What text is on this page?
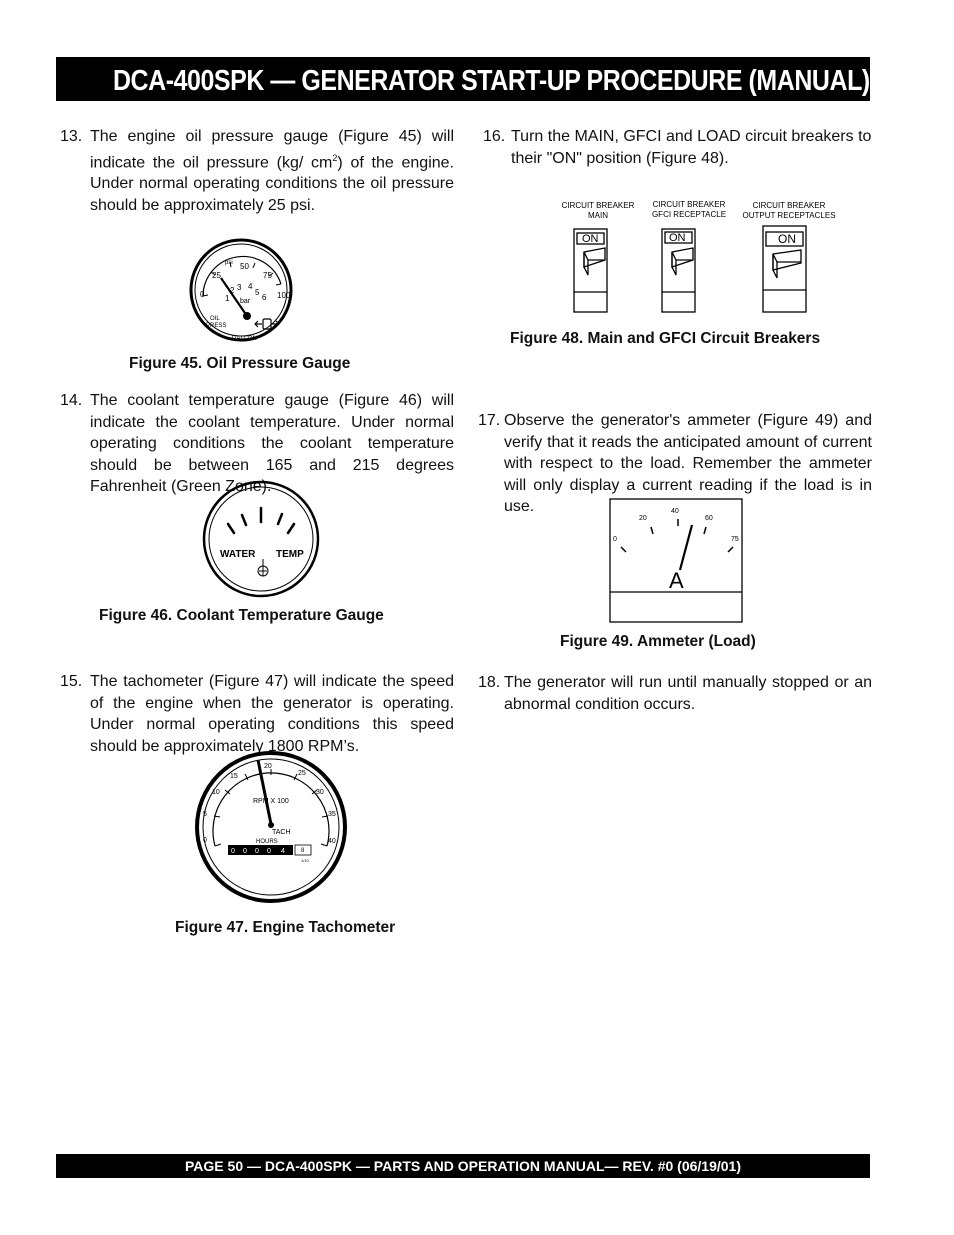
DCA-400SPK — GENERATOR START-UP PROCEDURE (MANUAL)
13. The engine oil pressure gauge (Figure 45) will indicate the oil pressure (kg/ $cm^2$) of the engine. Under normal operating conditions the oil pressure should be approximately 25 psi.
psi
0
25
50
75
100
1
2 3 4
5
6
bar
OIL
PRESS
DATCON
Figure 45. Oil Pressure Gauge
14. The coolant temperature gauge (Figure 46) will indicate the coolant temperature. Under normal operating conditions the coolant temperature should be between 165 and 215 degrees Fahrenheit (Green Zone).
WATER TEMP
Figure 46. Coolant Temperature Gauge
15. The tachometer (Figure 47) will indicate the speed of the engine when the generator is operating. Under normal operating conditions this speed should be approximately 1800 RPM’s.
0
5
10
15
20
25
30
35
40
RPM X 100
TACH
HOURS
0 0 0 0 4	8
1/10
Figure 47. Engine Tachometer
16. Turn the MAIN, GFCI and LOAD circuit breakers to their "ON" position (Figure 48).
CIRCUIT BREAKER
MAIN
CIRCUIT BREAKER
GFCI RECEPTACLE
CIRCUIT BREAKER
OUTPUT RECEPTACLES
ON	ON	ON
Figure 48. Main and GFCI Circuit Breakers
17. Observe the generator's ammeter (Figure 49) and verify that it reads the anticipated amount of current with respect to the load. Remember the ammeter will only display a current reading if the load is in use.
0
20
40
60
75
A
Figure 49. Ammeter (Load)
18. The generator will run until manually stopped or an abnormal condition occurs.
PAGE 50 — DCA-400SPK — PARTS AND OPERATION MANUAL— REV. #0 (06/19/01)
